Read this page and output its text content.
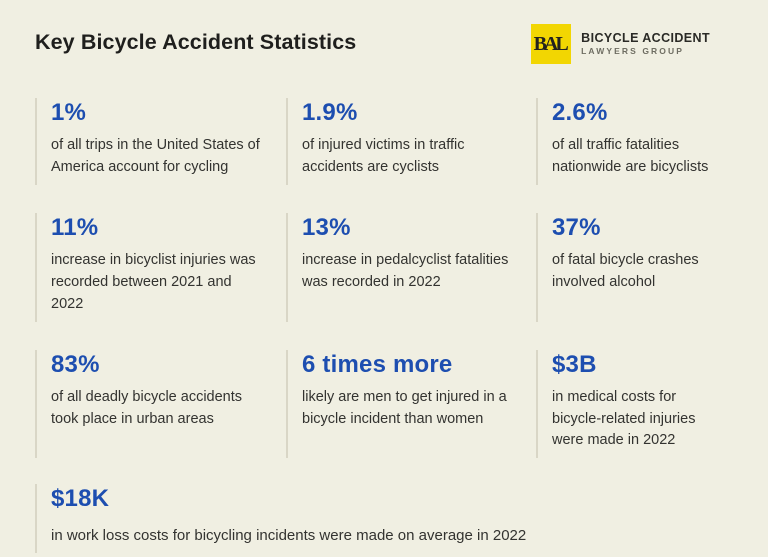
Key Bicycle Accident Statistics	BAL	BICYCLE ACCIDENT
LAWYERS GROUP
1%
of all trips in the United States of America account for cycling
1.9%
of injured victims in traffic accidents are cyclists
2.6%
of all traffic fatalities nationwide are bicyclists
11%
increase in bicyclist injuries was recorded between 2021 and 2022
13%
increase in pedalcyclist fatalities was recorded in 2022
37%
of fatal bicycle crashes involved alcohol
83%
of all deadly bicycle accidents took place in urban areas
6 times more
likely are men to get injured in a bicycle incident than women
$3B
in medical costs for bicycle-related injuries were made in 2022
$18K
in work loss costs for bicycling incidents were made on average in 2022
